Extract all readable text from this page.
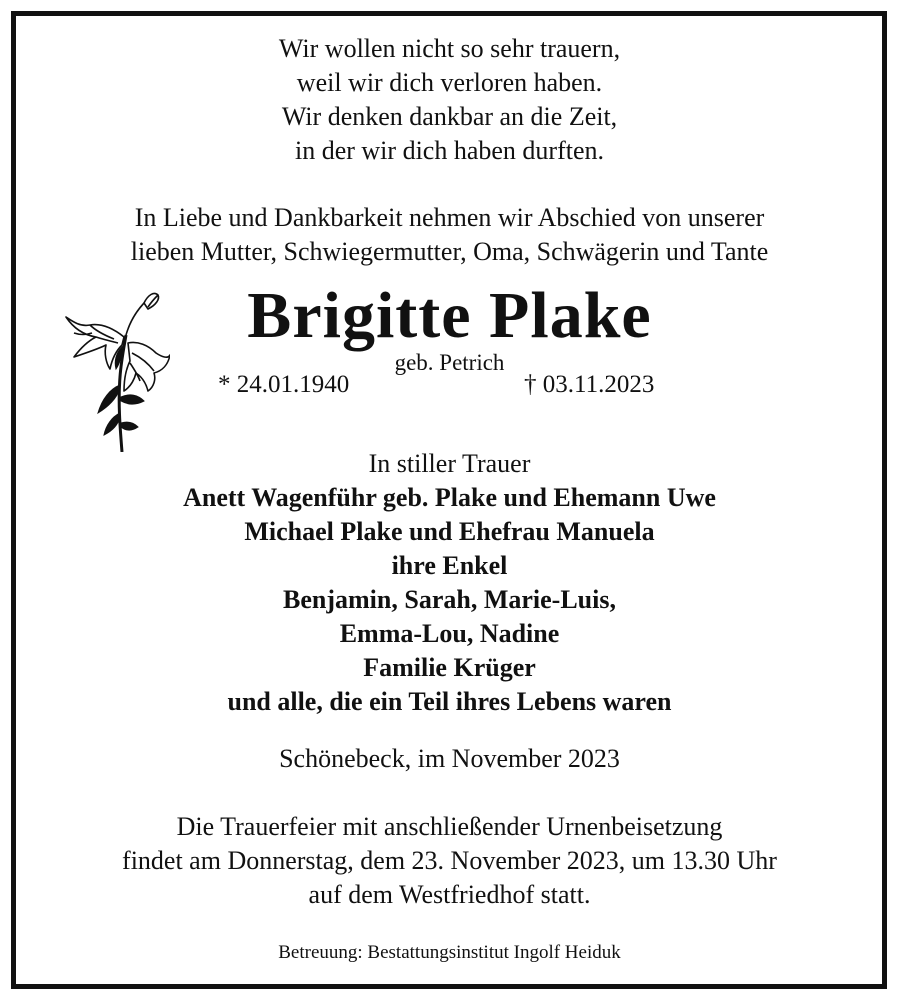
Wir wollen nicht so sehr trauern,
weil wir dich verloren haben.
Wir denken dankbar an die Zeit,
in der wir dich haben durften.
In Liebe und Dankbarkeit nehmen wir Abschied von unserer
lieben Mutter, Schwiegermutter, Oma, Schwägerin und Tante
Brigitte Plake
geb. Petrich
* 24.01.1940	† 03.11.2023
In stiller Trauer
Anett Wagenführ geb. Plake und Ehemann Uwe
Michael Plake und Ehefrau Manuela
ihre Enkel
Benjamin, Sarah, Marie-Luis,
Emma-Lou, Nadine
Familie Krüger
und alle, die ein Teil ihres Lebens waren
Schönebeck, im November 2023
Die Trauerfeier mit anschließender Urnenbeisetzung
findet am Donnerstag, dem 23. November 2023, um 13.30 Uhr
auf dem Westfriedhof statt.
Betreuung: Bestattungsinstitut Ingolf Heiduk
